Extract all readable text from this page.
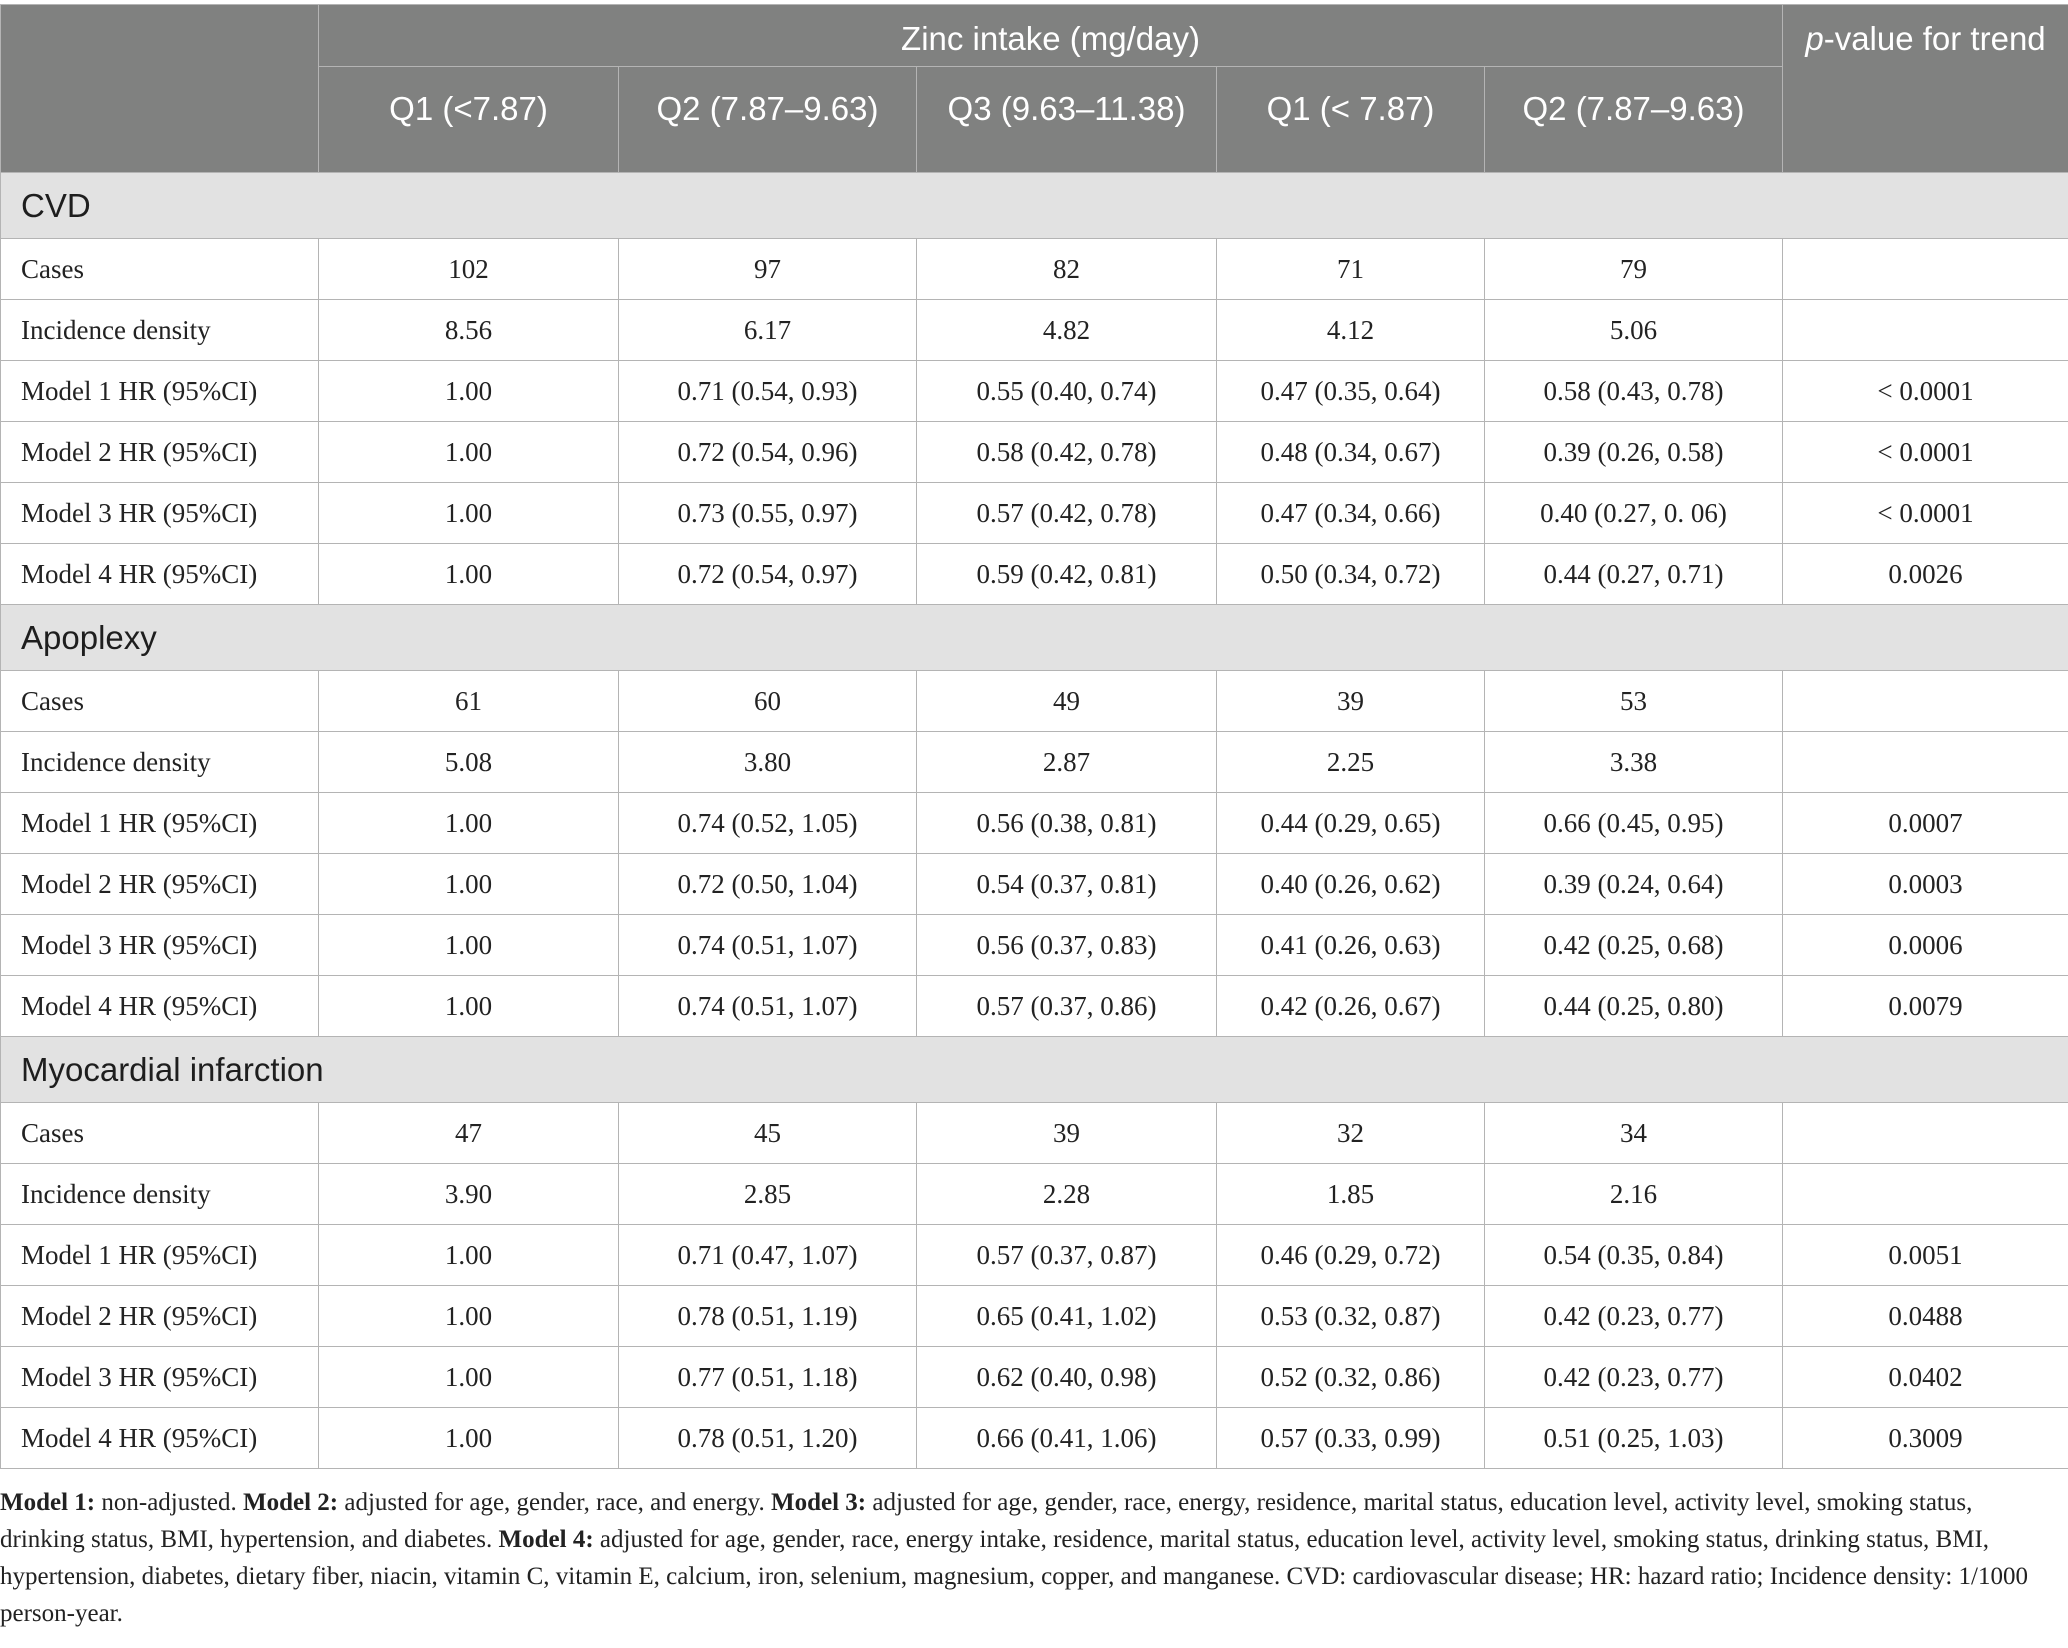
	Zinc intake (mg/day)					p-value for trend
	Q1 (<7.87)	Q2 (7.87–9.63)	Q3 (9.63–11.38)	Q1 (< 7.87)	Q2 (7.87–9.63)	
CVD						
Cases	102	97	82	71	79	
Incidence density	8.56	6.17	4.82	4.12	5.06	
Model 1 HR (95%CI)	1.00	0.71 (0.54, 0.93)	0.55 (0.40, 0.74)	0.47 (0.35, 0.64)	0.58 (0.43, 0.78)	< 0.0001
Model 2 HR (95%CI)	1.00	0.72 (0.54, 0.96)	0.58 (0.42, 0.78)	0.48 (0.34, 0.67)	0.39 (0.26, 0.58)	< 0.0001
Model 3 HR (95%CI)	1.00	0.73 (0.55, 0.97)	0.57 (0.42, 0.78)	0.47 (0.34, 0.66)	0.40 (0.27, 0. 06)	< 0.0001
Model 4 HR (95%CI)	1.00	0.72 (0.54, 0.97)	0.59 (0.42, 0.81)	0.50 (0.34, 0.72)	0.44 (0.27, 0.71)	0.0026
Apoplexy						
Cases	61	60	49	39	53	
Incidence density	5.08	3.80	2.87	2.25	3.38	
Model 1 HR (95%CI)	1.00	0.74 (0.52, 1.05)	0.56 (0.38, 0.81)	0.44 (0.29, 0.65)	0.66 (0.45, 0.95)	0.0007
Model 2 HR (95%CI)	1.00	0.72 (0.50, 1.04)	0.54 (0.37, 0.81)	0.40 (0.26, 0.62)	0.39 (0.24, 0.64)	0.0003
Model 3 HR (95%CI)	1.00	0.74 (0.51, 1.07)	0.56 (0.37, 0.83)	0.41 (0.26, 0.63)	0.42 (0.25, 0.68)	0.0006
Model 4 HR (95%CI)	1.00	0.74 (0.51, 1.07)	0.57 (0.37, 0.86)	0.42 (0.26, 0.67)	0.44 (0.25, 0.80)	0.0079
Myocardial infarction						
Cases	47	45	39	32	34	
Incidence density	3.90	2.85	2.28	1.85	2.16	
Model 1 HR (95%CI)	1.00	0.71 (0.47, 1.07)	0.57 (0.37, 0.87)	0.46 (0.29, 0.72)	0.54 (0.35, 0.84)	0.0051
Model 2 HR (95%CI)	1.00	0.78 (0.51, 1.19)	0.65 (0.41, 1.02)	0.53 (0.32, 0.87)	0.42 (0.23, 0.77)	0.0488
Model 3 HR (95%CI)	1.00	0.77 (0.51, 1.18)	0.62 (0.40, 0.98)	0.52 (0.32, 0.86)	0.42 (0.23, 0.77)	0.0402
Model 4 HR (95%CI)	1.00	0.78 (0.51, 1.20)	0.66 (0.41, 1.06)	0.57 (0.33, 0.99)	0.51 (0.25, 1.03)	0.3009
Model 1: non-adjusted. Model 2: adjusted for age, gender, race, and energy. Model 3: adjusted for age, gender, race, energy, residence, marital status, education level, activity level, smoking status, drinking status, BMI, hypertension, and diabetes. Model 4: adjusted for age, gender, race, energy intake, residence, marital status, education level, activity level, smoking status, drinking status, BMI, hypertension, diabetes, dietary fiber, niacin, vitamin C, vitamin E, calcium, iron, selenium, magnesium, copper, and manganese. CVD: cardiovascular disease; HR: hazard ratio; Incidence density: 1/1000 person-year.
